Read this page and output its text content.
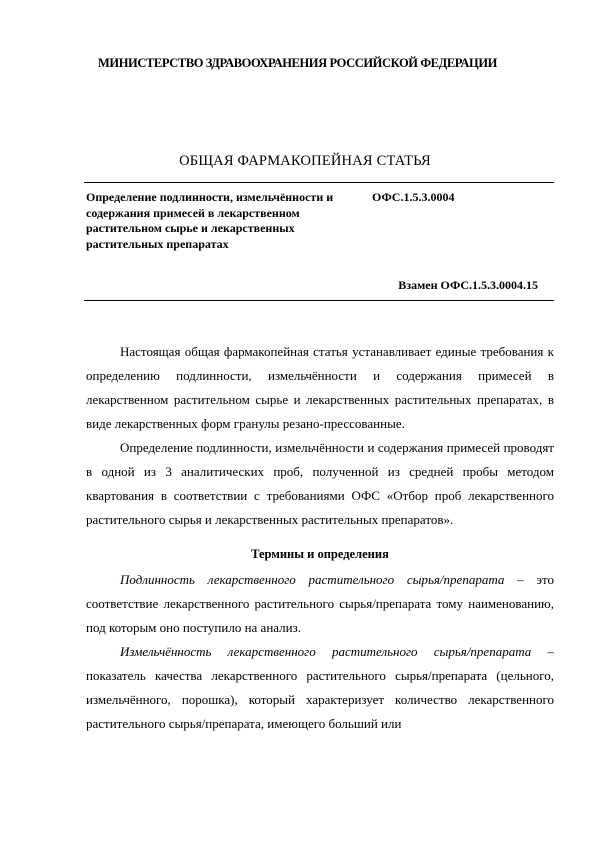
МИНИСТЕРСТВО ЗДРАВООХРАНЕНИЯ РОССИЙСКОЙ ФЕДЕРАЦИИ
ОБЩАЯ ФАРМАКОПЕЙНАЯ СТАТЬЯ
Определение подлинности, измельчённости и содержания примесей в лекарственном растительном сырье и лекарственных растительных препаратах
ОФС.1.5.3.0004
Взамен ОФС.1.5.3.0004.15

Настоящая общая фармакопейная статья устанавливает единые требования к определению подлинности, измельчённости и содержания примесей в лекарственном растительном сырье и лекарственных растительных препаратах, в виде лекарственных форм гранулы резано-прессованные.

Определение подлинности, измельчённости и содержания примесей проводят в одной из 3 аналитических проб, полученной из средней пробы методом квартования в соответствии с требованиями ОФС «Отбор проб лекарственного растительного сырья и лекарственных растительных препаратов».

Термины и определения

Подлинность лекарственного растительного сырья/препарата – это соответствие лекарственного растительного сырья/препарата тому наименованию, под которым оно поступило на анализ.

Измельчённость лекарственного растительного сырья/препарата – показатель качества лекарственного растительного сырья/препарата (цельного, измельчённого, порошка), который характеризует количество лекарственного растительного сырья/препарата, имеющего больший или
